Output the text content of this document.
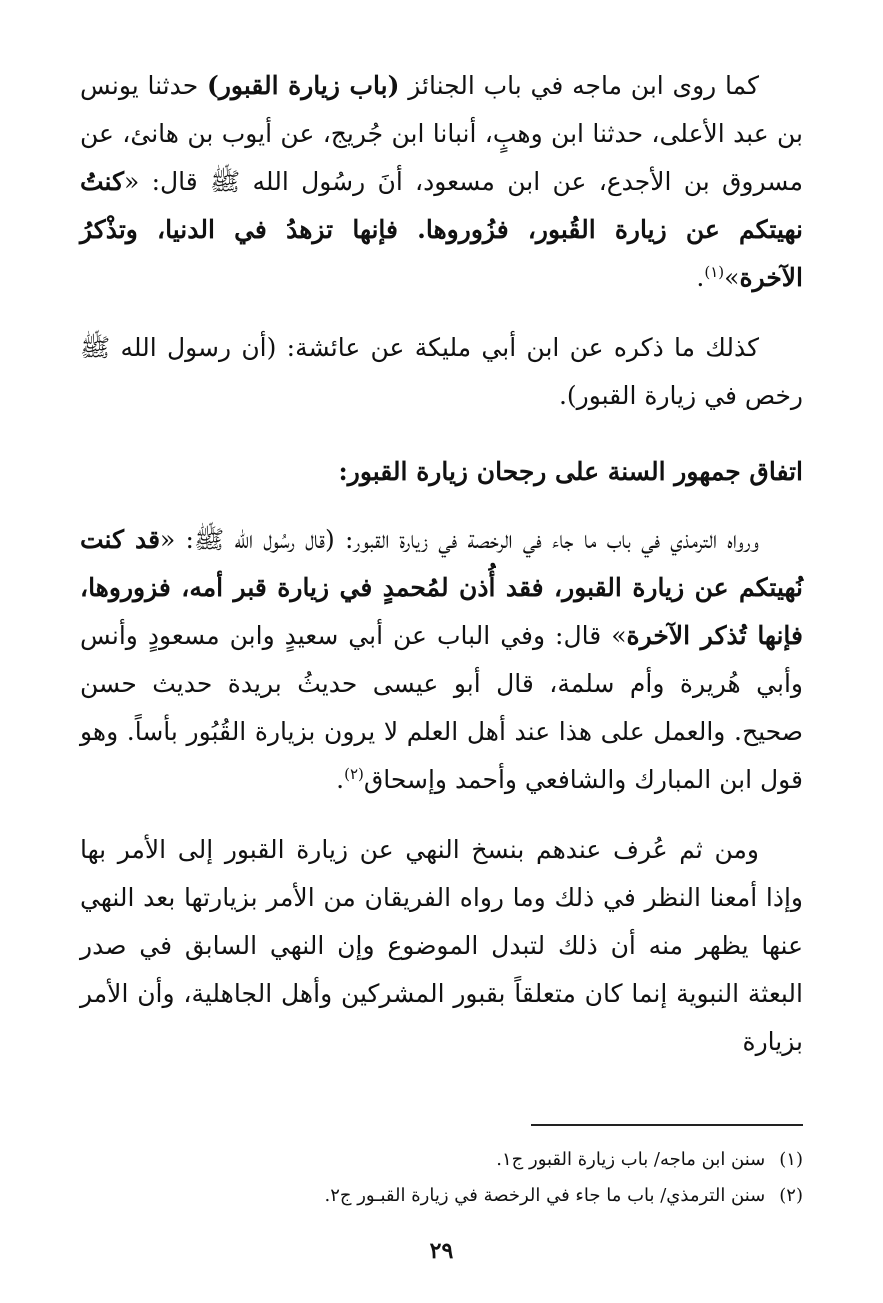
كما روى ابن ماجه في باب الجنائز (باب زيارة القبور) حدثنا يونس بن عبد الأعلى، حدثنا ابن وهبٍ، أنبانا ابن جُريج، عن أيوب بن هانئ، عن مسروق بن الأجدع، عن ابن مسعود، أنَ رسُول الله ﷺ قال: «كنتُ نهيتكم عن زيارة القُبور، فزُوروها. فإنها تزهدُ في الدنيا، وتذْكرُ الآخرة»$^{(١)}$.

كذلك ما ذكره عن ابن أبي مليكة عن عائشة: (أن رسول الله ﷺ رخص في زيارة القبور).

اتفاق جمهور السنة على رجحان زيارة القبور:

ورواه الترمذي في باب ما جاء في الرخصة في زيارة القبور: (قال رسُول الله ﷺ: «قد كنت نُهيتكم عن زيارة القبور، فقد أُذن لمُحمدٍ في زيارة قبر أمه، فزوروها، فإنها تُذكر الآخرة» قال: وفي الباب عن أبي سعيدٍ وابن مسعودٍ وأنس وأبي هُريرة وأم سلمة، قال أبو عيسى حديثُ بريدة حديث حسن صحيح. والعمل على هذا عند أهل العلم لا يرون بزيارة القُبُور بأساً. وهو قول ابن المبارك والشافعي وأحمد وإسحاق$^{(٢)}$.

ومن ثم عُرف عندهم بنسخ النهي عن زيارة القبور إلى الأمر بها وإذا أمعنا النظر في ذلك وما رواه الفريقان من الأمر بزيارتها بعد النهي عنها يظهر منه أن ذلك لتبدل الموضوع وإن النهي السابق في صدر البعثة النبوية إنما كان متعلقاً بقبور المشركين وأهل الجاهلية، وأن الأمر بزيارة

(١)سنن ابن ماجه/ باب زيارة القبور ج١.
(٢)سنن الترمذي/ باب ما جاء في الرخصة في زيارة القبـور ج٢.
٢٩
